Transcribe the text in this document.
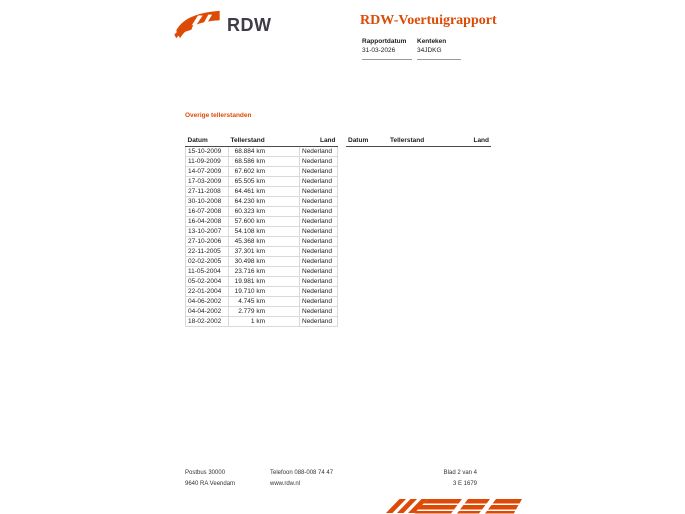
RDW	RDW-Voertuigrapport
Rapportdatum
31-03-2026
Kenteken
34JDKG
Overige tellerstanden
Datum	Tellerstand	Land
15-10-2009	68.884 km	Nederland
11-09-2009	68.586 km	Nederland
14-07-2009	67.602 km	Nederland
17-03-2009	65.505 km	Nederland
27-11-2008	64.461 km	Nederland
30-10-2008	64.230 km	Nederland
16-07-2008	60.323 km	Nederland
16-04-2008	57.600 km	Nederland
13-10-2007	54.108 km	Nederland
27-10-2006	45.368 km	Nederland
22-11-2005	37.301 km	Nederland
02-02-2005	30.498 km	Nederland
11-05-2004	23.716 km	Nederland
05-02-2004	19.981 km	Nederland
22-01-2004	19.710 km	Nederland
04-06-2002	4.745 km	Nederland
04-04-2002	2.779 km	Nederland
18-02-2002	1 km	Nederland
Datum	Tellerstand	Land
Postbus 30000
9640 RA Veendam
Telefoon 088-008 74 47
www.rdw.nl
Blad 2 van 4
3 E 1679
